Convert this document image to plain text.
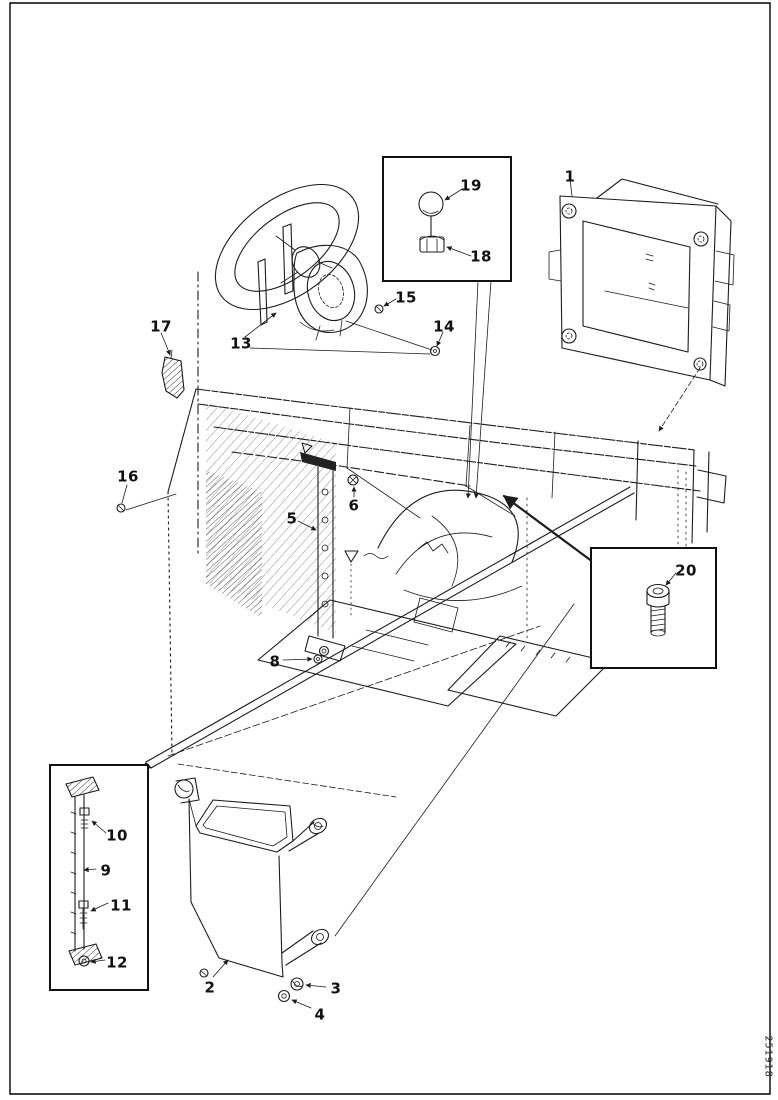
1
2	3
4
5
6
8
9
10
11
12
13
14
15
16
17
18
19
20
251918
